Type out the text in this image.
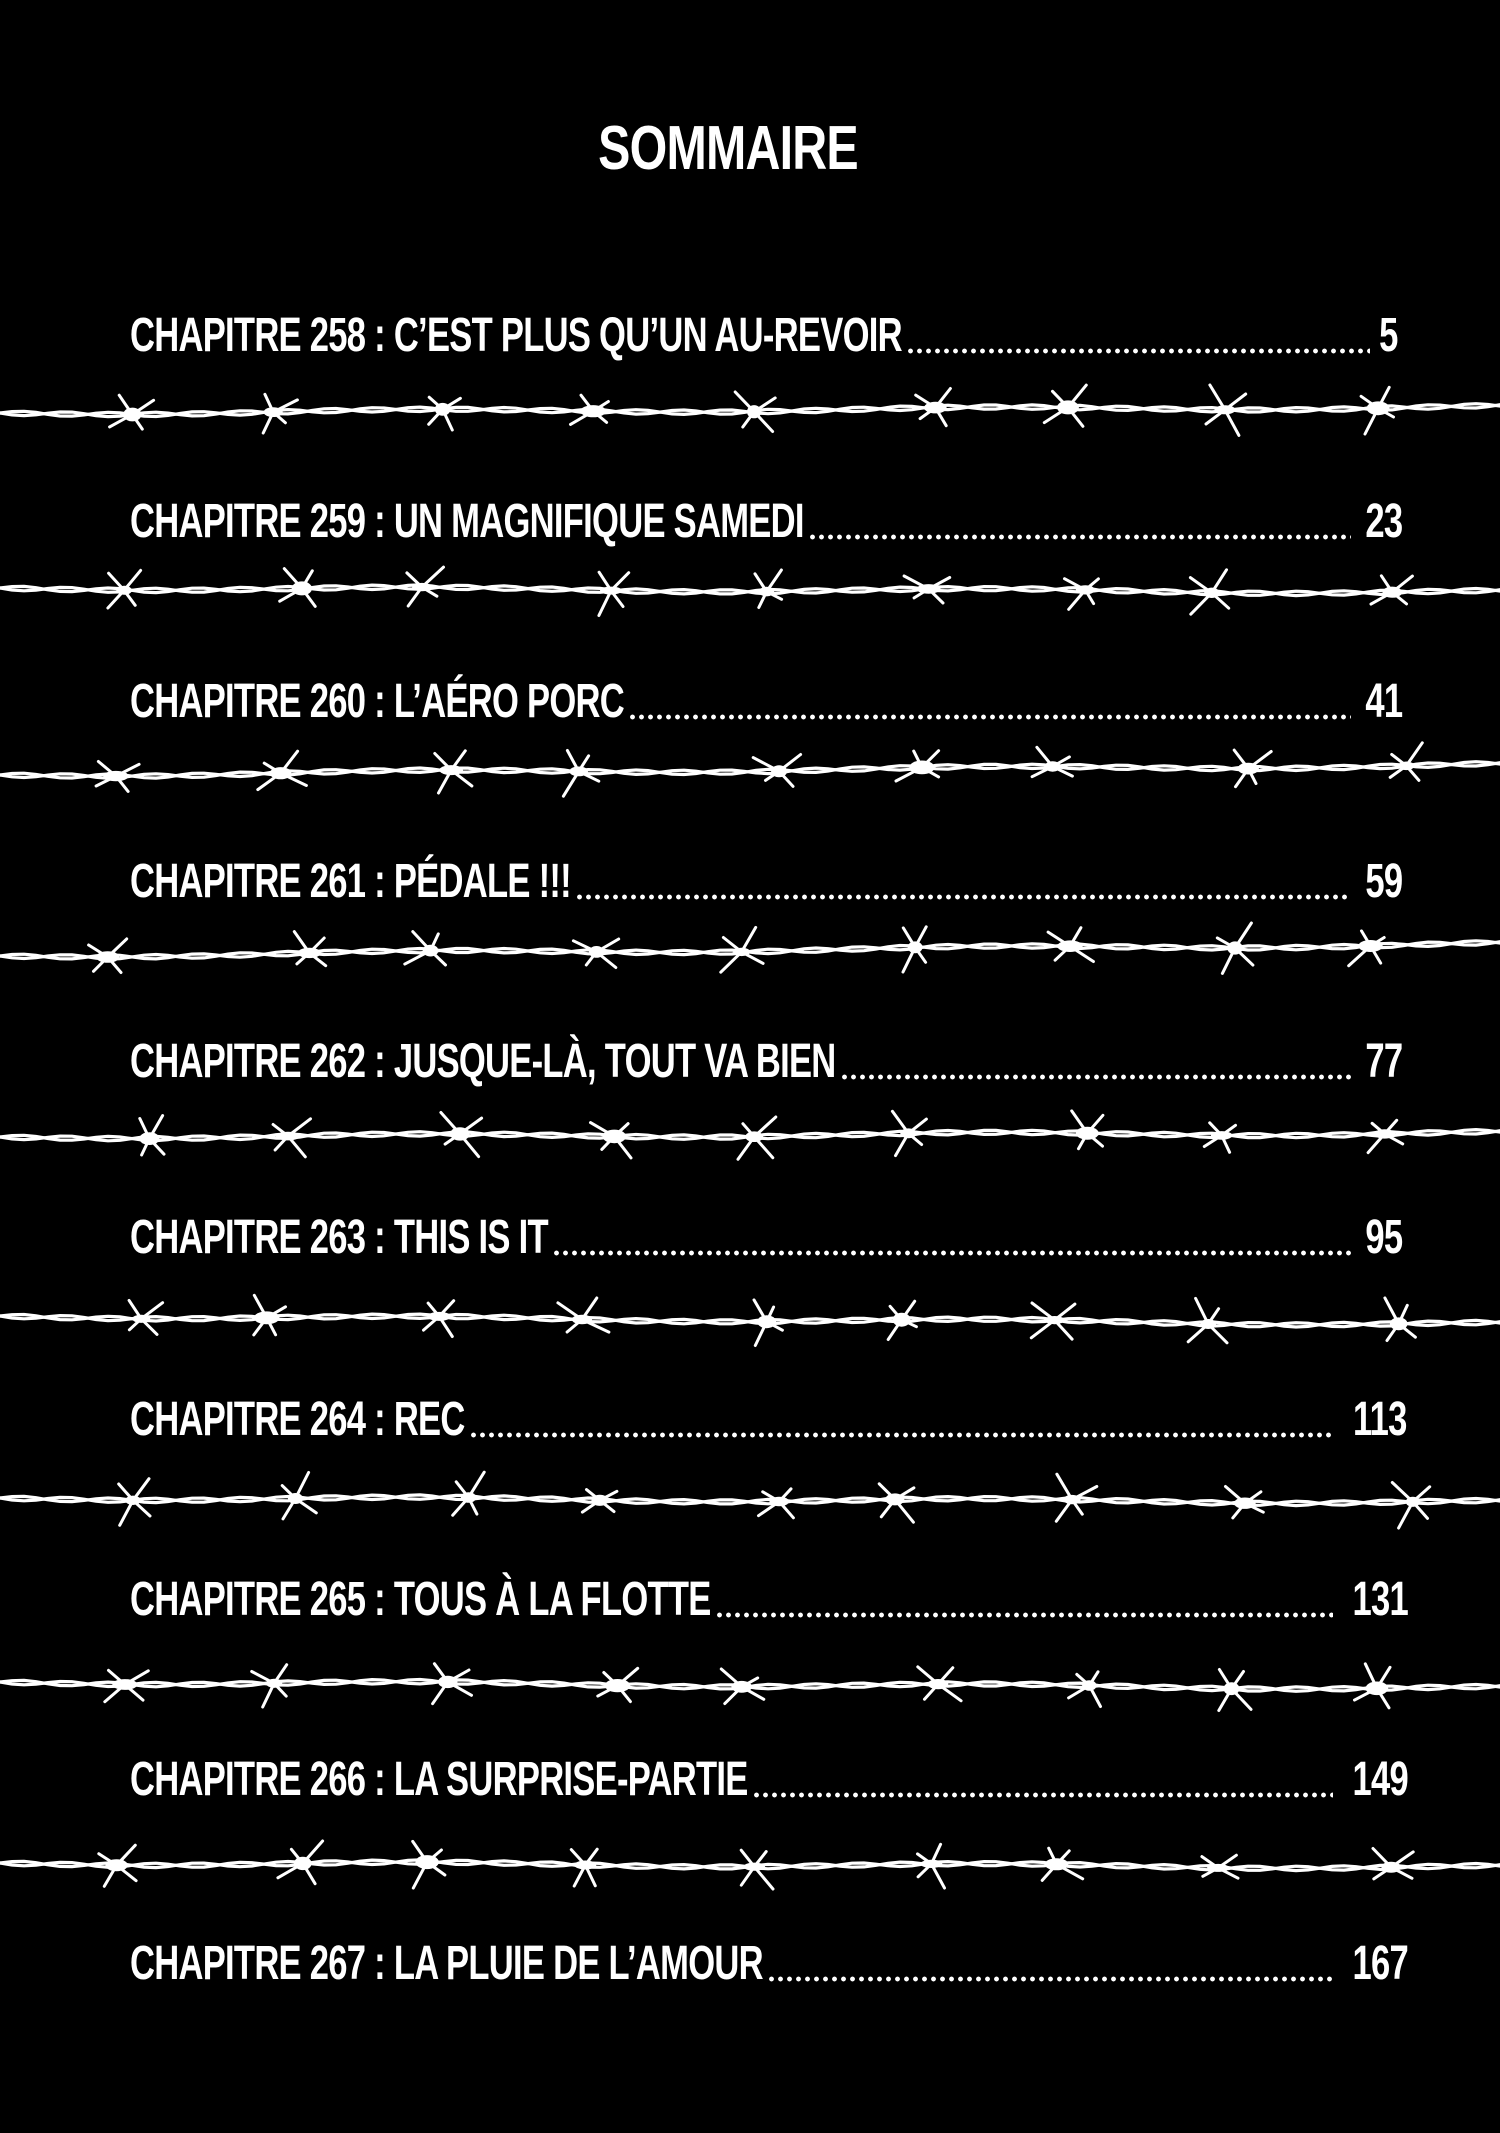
SOMMAIRE
CHAPITRE 258 : C’EST PLUS QU’UN AU-REVOIR	5
CHAPITRE 259 : UN MAGNIFIQUE SAMEDI	23
CHAPITRE 260 : L’AÉRO PORC	41
CHAPITRE 261 : PÉDALE !!!	59
CHAPITRE 262 : JUSQUE-LÀ, TOUT VA BIEN	77
CHAPITRE 263 : THIS IS IT	95
CHAPITRE 264 : REC	113
CHAPITRE 265 : TOUS À LA FLOTTE	131
CHAPITRE 266 : LA SURPRISE-PARTIE	149
CHAPITRE 267 : LA PLUIE DE L’AMOUR	167
